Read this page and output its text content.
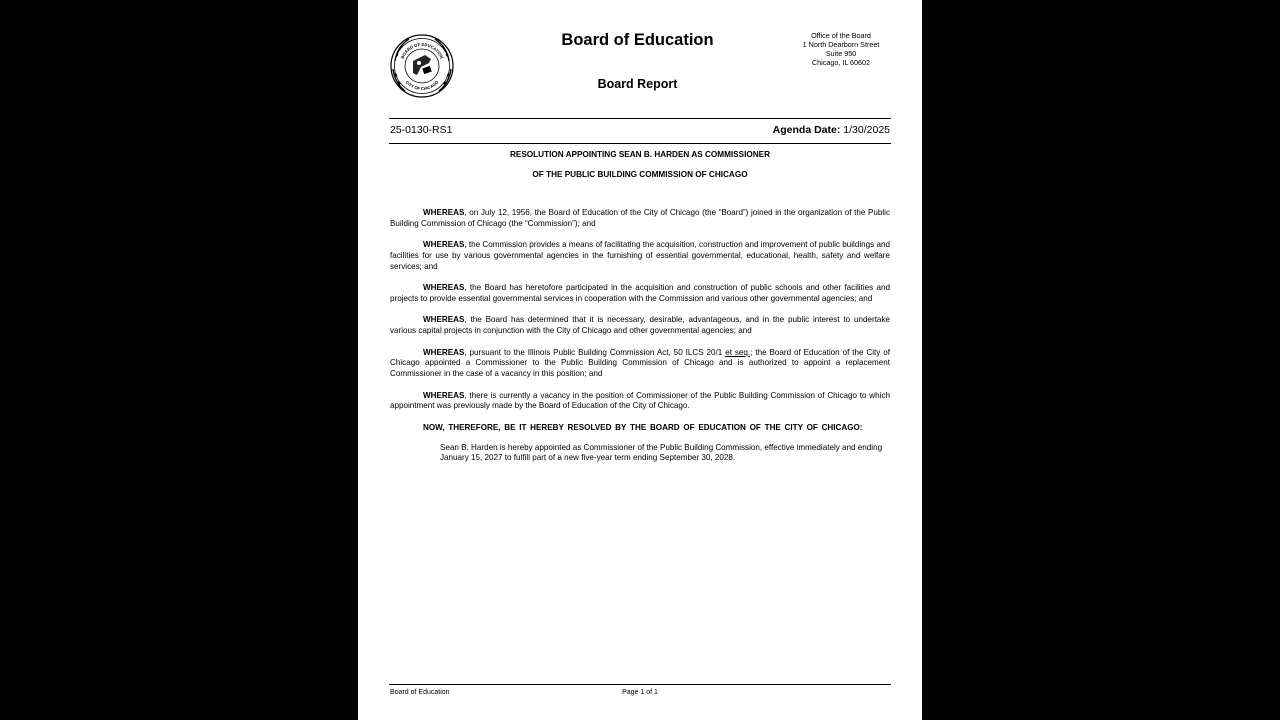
BOARD OF EDUCATION
CITY OF CHICAGO
Board of Education
Board Report
Office of the Board
1 North Dearborn Street
Suite 950
Chicago, IL 60602
25-0130-RS1	Agenda Date: 1/30/2025
RESOLUTION APPOINTING SEAN B. HARDEN AS COMMISSIONER
OF THE PUBLIC BUILDING COMMISSION OF CHICAGO

WHEREAS, on July 12, 1956, the Board of Education of the City of Chicago (the “Board”) joined in the organization of the Public Building Commission of Chicago (the “Commission”); and

WHEREAS, the Commission provides a means of facilitating the acquisition, construction and improvement of public buildings and facilities for use by various governmental agencies in the furnishing of essential governmental, educational, health, safety and welfare services; and

WHEREAS, the Board has heretofore participated in the acquisition and construction of public schools and other facilities and projects to provide essential governmental services in cooperation with the Commission and various other governmental agencies; and

WHEREAS, the Board has determined that it is necessary, desirable, advantageous, and in the public interest to undertake various capital projects in conjunction with the City of Chicago and other governmental agencies; and

WHEREAS, pursuant to the Illinois Public Building Commission Act, 50 ILCS 20/1 et seq.; the Board of Education of the City of Chicago appointed a Commissioner to the Public Building Commission of Chicago and is authorized to appoint a replacement Commissioner in the case of a vacancy in this position; and

WHEREAS, there is currently a vacancy in the position of Commissioner of the Public Building Commission of Chicago to which appointment was previously made by the Board of Education of the City of Chicago.

NOW, THEREFORE, BE IT HEREBY RESOLVED BY THE BOARD OF EDUCATION OF THE CITY OF CHICAGO:

Sean B. Harden is hereby appointed as Commissioner of the Public Building Commission, effective immediately and ending January 15, 2027 to fulfill part of a new five-year term ending September 30, 2028.

Board of Education	Page 1 of 1
